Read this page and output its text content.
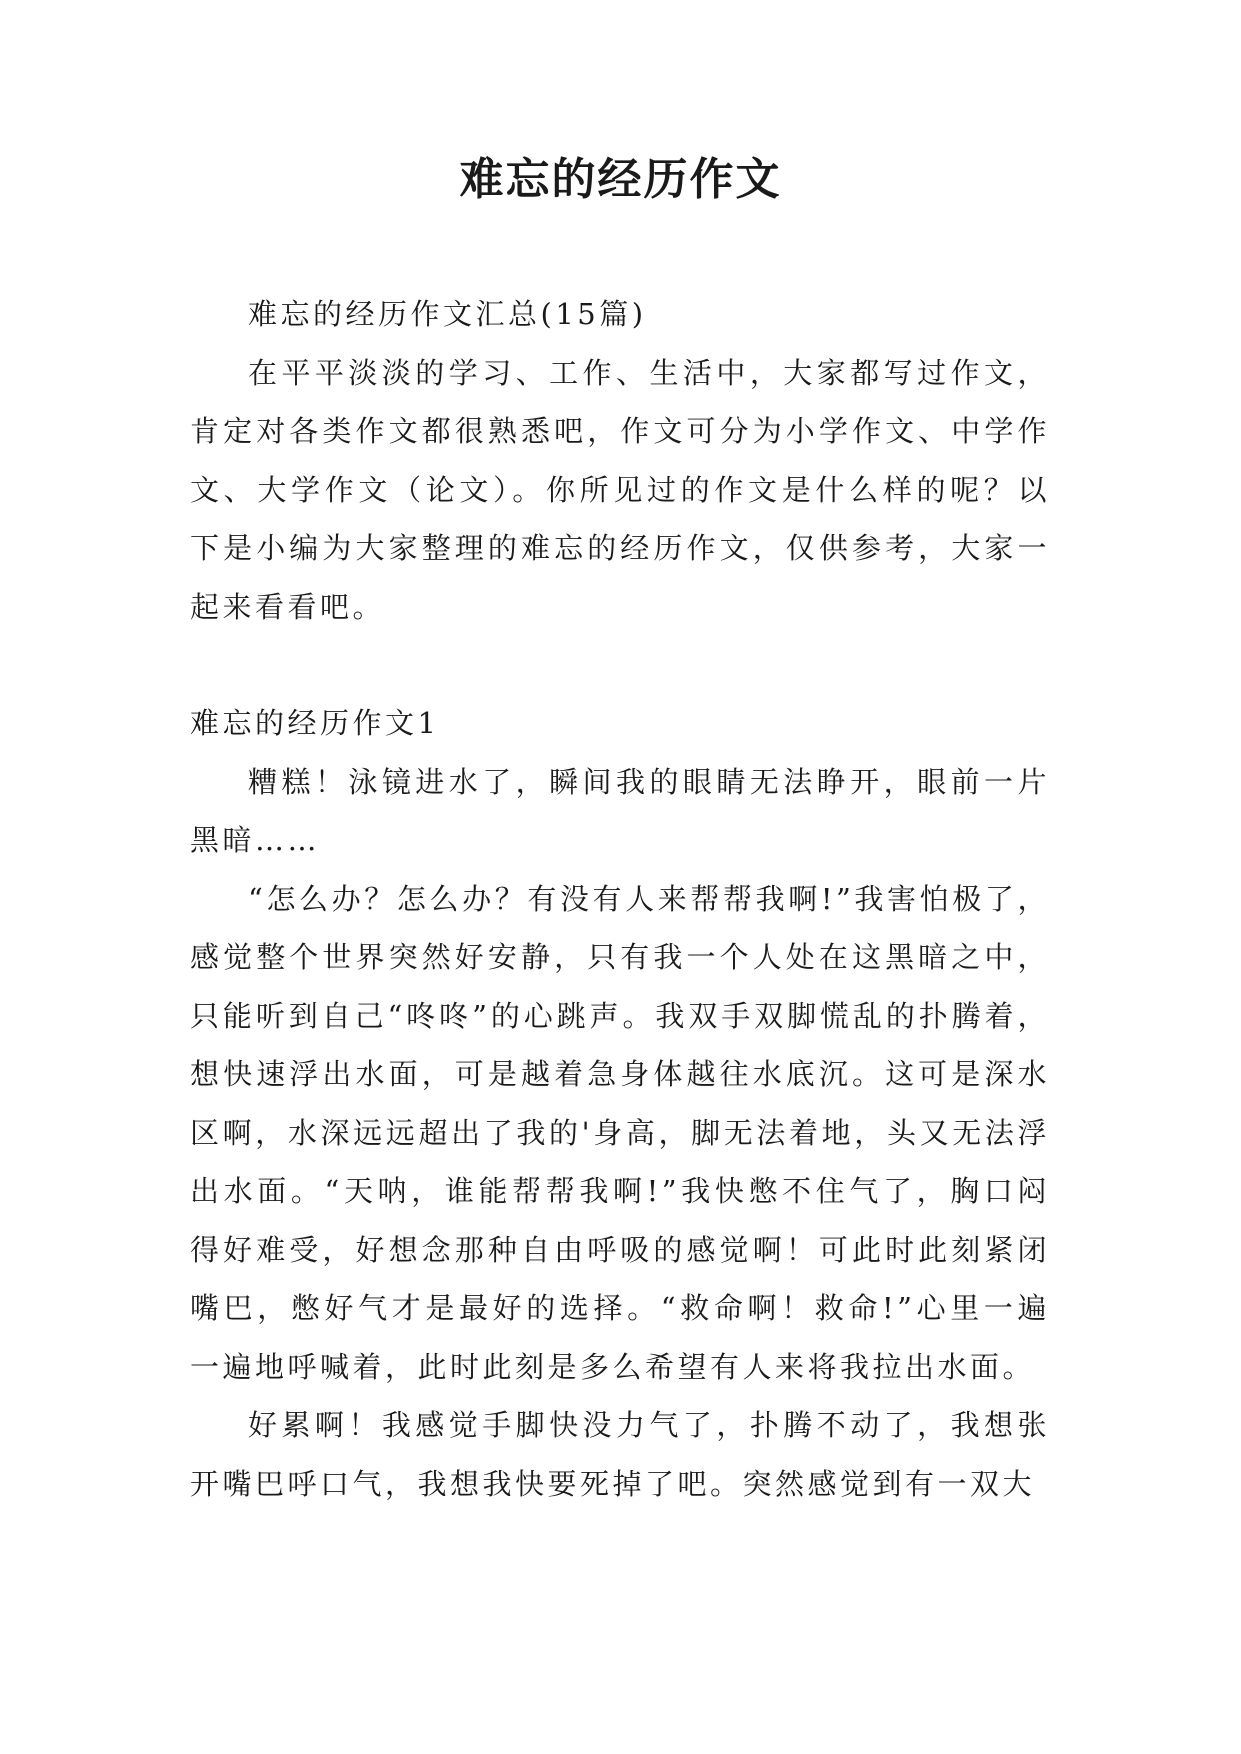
难忘的经历作文

难忘的经历作文汇总(15篇)

在平平淡淡的学习、工作、生活中，大家都写过作文，肯定对各类作文都很熟悉吧，作文可分为小学作文、中学作文、大学作文（论文）。你所见过的作文是什么样的呢？以下是小编为大家整理的难忘的经历作文，仅供参考，大家一起来看看吧。

难忘的经历作文1

糟糕！泳镜进水了，瞬间我的眼睛无法睁开，眼前一片黑暗……

“怎么办？怎么办？有没有人来帮帮我啊!”我害怕极了，感觉整个世界突然好安静，只有我一个人处在这黑暗之中，只能听到自己“咚咚”的心跳声。我双手双脚慌乱的扑腾着，想快速浮出水面，可是越着急身体越往水底沉。这可是深水区啊，水深远远超出了我的'身高，脚无法着地，头又无法浮出水面。“天呐，谁能帮帮我啊!”我快憋不住气了，胸口闷得好难受，好想念那种自由呼吸的感觉啊！可此时此刻紧闭嘴巴，憋好气才是最好的选择。“救命啊！救命!”心里一遍一遍地呼喊着，此时此刻是多么希望有人来将我拉出水面。

好累啊！我感觉手脚快没力气了，扑腾不动了，我想张开嘴巴呼口气，我想我快要死掉了吧。突然感觉到有一双大
